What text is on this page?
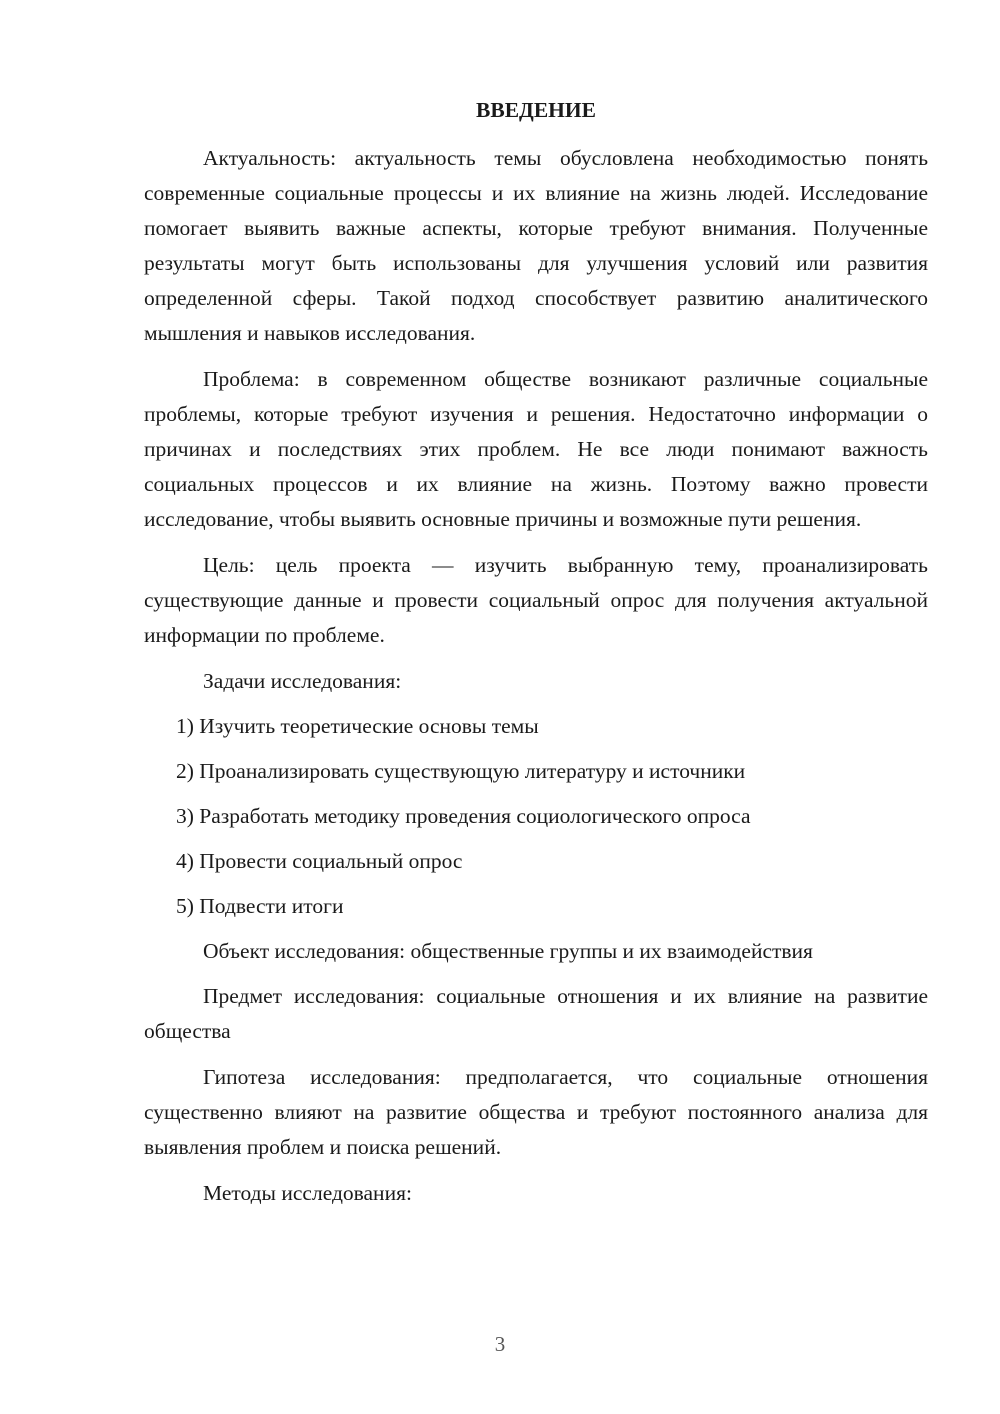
ВВЕДЕНИЕ

Актуальность: актуальность темы обусловлена необходимостью понять современные социальные процессы и их влияние на жизнь людей. Исследование помогает выявить важные аспекты, которые требуют внимания. Полученные результаты могут быть использованы для улучшения условий или развития определенной сферы. Такой подход способствует развитию аналитического мышления и навыков исследования.

Проблема: в современном обществе возникают различные социальные проблемы, которые требуют изучения и решения. Недостаточно информации о причинах и последствиях этих проблем. Не все люди понимают важность социальных процессов и их влияние на жизнь. Поэтому важно провести исследование, чтобы выявить основные причины и возможные пути решения.

Цель: цель проекта — изучить выбранную тему, проанализировать существующие данные и провести социальный опрос для получения актуальной информации по проблеме.

Задачи исследования:

1) Изучить теоретические основы темы
2) Проанализировать существующую литературу и источники
3) Разработать методику проведения социологического опроса
4) Провести социальный опрос
5) Подвести итоги

Объект исследования: общественные группы и их взаимодействия

Предмет исследования: социальные отношения и их влияние на развитие общества

Гипотеза исследования: предполагается, что социальные отношения существенно влияют на развитие общества и требуют постоянного анализа для выявления проблем и поиска решений.

Методы исследования:

3
